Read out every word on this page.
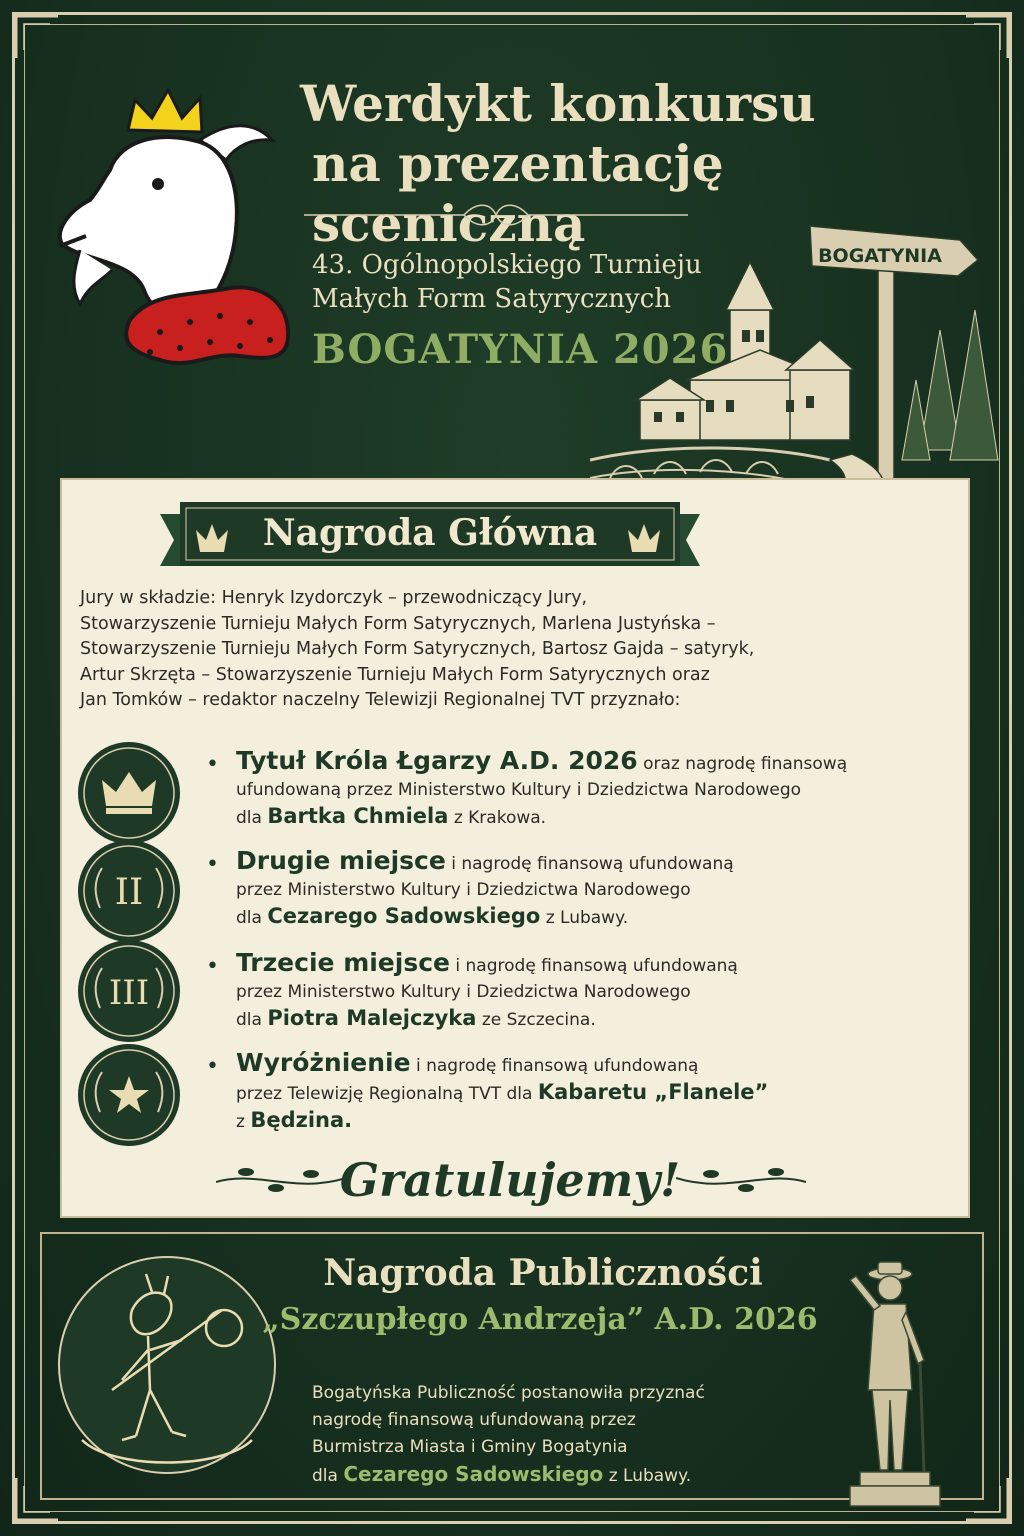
Werdykt konkursu
na prezentację sceniczną
43. Ogólnopolskiego Turnieju
Małych Form Satyrycznych
BOGATYNIA 2026
BOGATYNIA
Nagroda Główna
Jury w składzie: Henryk Izydorczyk – przewodniczący Jury,
Stowarzyszenie Turnieju Małych Form Satyrycznych, Marlena Justyńska –
Stowarzyszenie Turnieju Małych Form Satyrycznych, Bartosz Gajda – satyryk,
Artur Skrzęta – Stowarzyszenie Turnieju Małych Form Satyrycznych oraz
Jan Tomków – redaktor naczelny Telewizji Regionalnej TVT przyznało:
II
III
• Tytuł Króla Łgarzy A.D. 2026 oraz nagrodę finansową
ufundowaną przez Ministerstwo Kultury i Dziedzictwa Narodowego
dla Bartka Chmiela z Krakowa.
• Drugie miejsce i nagrodę finansową ufundowaną
przez Ministerstwo Kultury i Dziedzictwa Narodowego
dla Cezarego Sadowskiego z Lubawy.
• Trzecie miejsce i nagrodę finansową ufundowaną
przez Ministerstwo Kultury i Dziedzictwa Narodowego
dla Piotra Malejczyka ze Szczecina.
• Wyróżnienie i nagrodę finansową ufundowaną
przez Telewizję Regionalną TVT dla Kabaretu „Flanele”
z Będzina.
Gratulujemy!
Nagroda Publiczności
„Szczupłego Andrzeja” A.D. 2026
Bogatyńska Publiczność postanowiła przyznać
nagrodę finansową ufundowaną przez
Burmistrza Miasta i Gminy Bogatynia
dla Cezarego Sadowskiego z Lubawy.
